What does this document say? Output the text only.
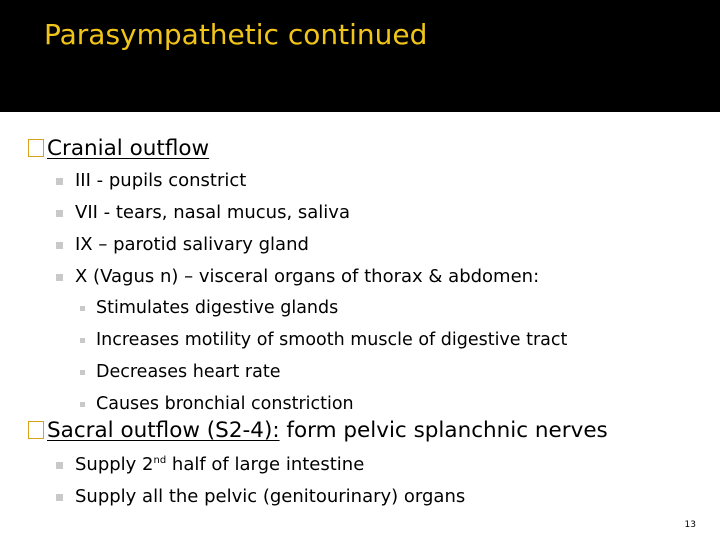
Parasympathetic continued
Cranial outflow
III - pupils constrict
VII - tears, nasal mucus, saliva
IX – parotid salivary gland
X (Vagus n) – visceral organs of thorax & abdomen:
Stimulates digestive glands
Increases motility of smooth muscle of digestive tract
Decreases heart rate
Causes bronchial constriction
Sacral outflow (S2-4): form pelvic splanchnic nerves
Supply 2nd half of large intestine
Supply all the pelvic (genitourinary) organs
13
